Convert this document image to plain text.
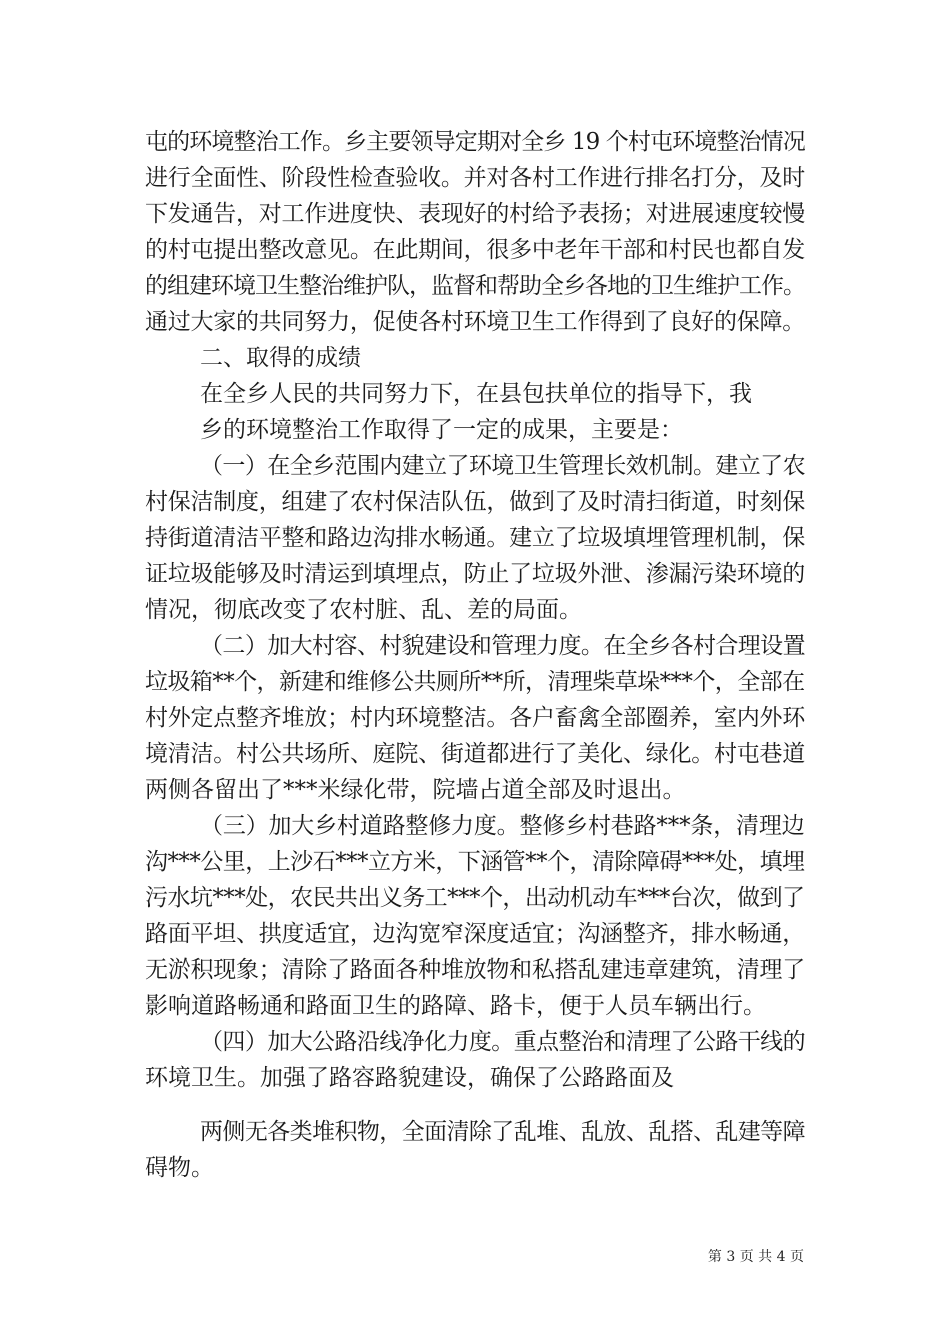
屯的环境整治工作。乡主要领导定期对全乡 19 个村屯环境整治情况
进行全面性、阶段性检查验收。并对各村工作进行排名打分，及时
下发通告，对工作进度快、表现好的村给予表扬；对进展速度较慢
的村屯提出整改意见。在此期间，很多中老年干部和村民也都自发
的组建环境卫生整治维护队，监督和帮助全乡各地的卫生维护工作。
通过大家的共同努力，促使各村环境卫生工作得到了良好的保障。
二、取得的成绩
在全乡人民的共同努力下，在县包扶单位的指导下，我
乡的环境整治工作取得了一定的成果，主要是：
（一）在全乡范围内建立了环境卫生管理长效机制。建立了农
村保洁制度，组建了农村保洁队伍，做到了及时清扫街道，时刻保
持街道清洁平整和路边沟排水畅通。建立了垃圾填埋管理机制，保
证垃圾能够及时清运到填埋点，防止了垃圾外泄、渗漏污染环境的
情况，彻底改变了农村脏、乱、差的局面。
（二）加大村容、村貌建设和管理力度。在全乡各村合理设置
垃圾箱**个，新建和维修公共厕所**所，清理柴草垛***个，全部在
村外定点整齐堆放；村内环境整洁。各户畜禽全部圈养，室内外环
境清洁。村公共场所、庭院、街道都进行了美化、绿化。村屯巷道
两侧各留出了***米绿化带，院墙占道全部及时退出。
（三）加大乡村道路整修力度。整修乡村巷路***条，清理边
沟***公里，上沙石***立方米，下涵管**个，清除障碍***处，填埋
污水坑***处，农民共出义务工***个，出动机动车***台次，做到了
路面平坦、拱度适宜，边沟宽窄深度适宜；沟涵整齐，排水畅通，
无淤积现象；清除了路面各种堆放物和私搭乱建违章建筑，清理了
影响道路畅通和路面卫生的路障、路卡，便于人员车辆出行。
（四）加大公路沿线净化力度。重点整治和清理了公路干线的
环境卫生。加强了路容路貌建设，确保了公路路面及
两侧无各类堆积物，全面清除了乱堆、乱放、乱搭、乱建等障
碍物。
第 3 页 共 4 页
